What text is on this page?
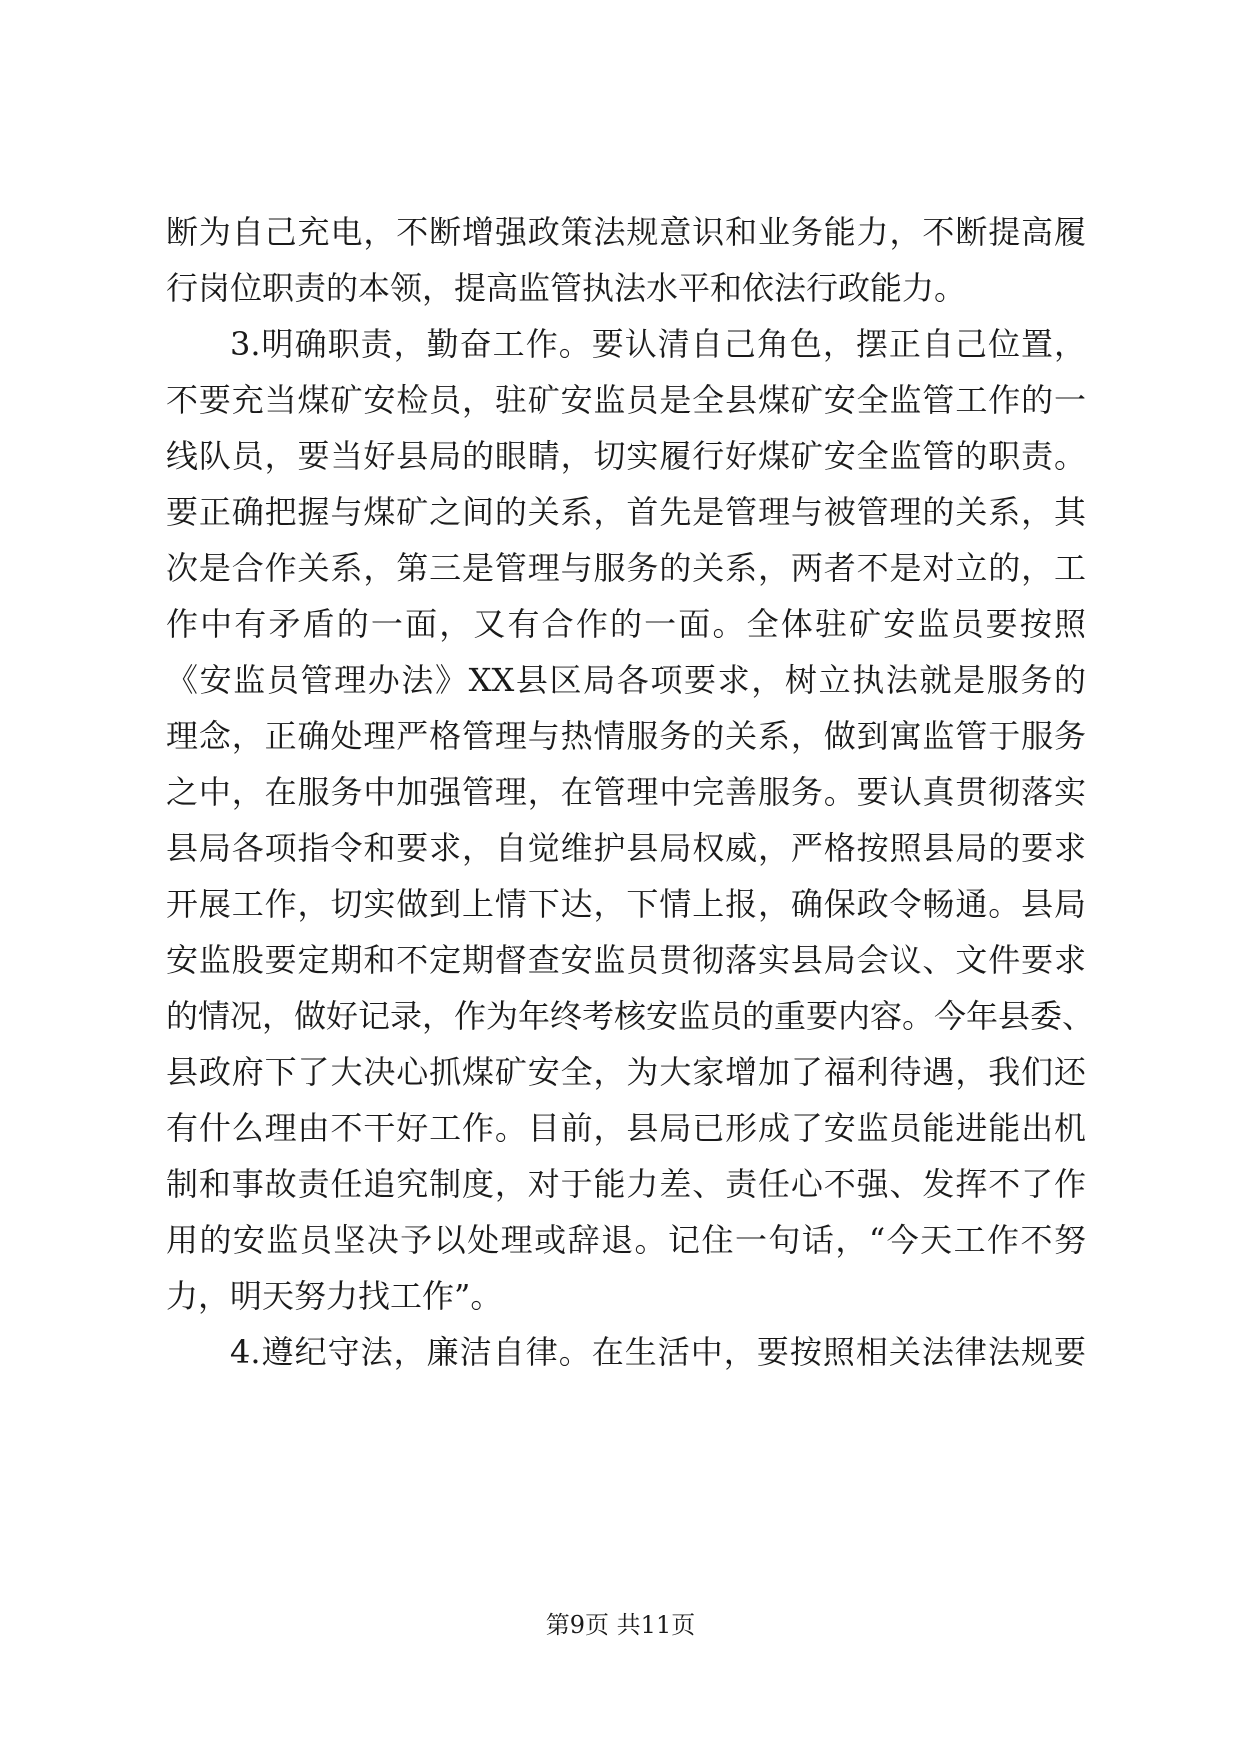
断为自己充电，不断增强政策法规意识和业务能力，不断提高履
行岗位职责的本领，提高监管执法水平和依法行政能力。
3.明确职责，勤奋工作。要认清自己角色，摆正自己位置，
不要充当煤矿安检员，驻矿安监员是全县煤矿安全监管工作的一
线队员，要当好县局的眼睛，切实履行好煤矿安全监管的职责。
要正确把握与煤矿之间的关系，首先是管理与被管理的关系，其
次是合作关系，第三是管理与服务的关系，两者不是对立的，工
作中有矛盾的一面，又有合作的一面。全体驻矿安监员要按照
《安监员管理办法》XX县区局各项要求，树立执法就是服务的
理念，正确处理严格管理与热情服务的关系，做到寓监管于服务
之中，在服务中加强管理，在管理中完善服务。要认真贯彻落实
县局各项指令和要求，自觉维护县局权威，严格按照县局的要求
开展工作，切实做到上情下达，下情上报，确保政令畅通。县局
安监股要定期和不定期督查安监员贯彻落实县局会议、文件要求
的情况，做好记录，作为年终考核安监员的重要内容。今年县委、
县政府下了大决心抓煤矿安全，为大家增加了福利待遇，我们还
有什么理由不干好工作。目前，县局已形成了安监员能进能出机
制和事故责任追究制度，对于能力差、责任心不强、发挥不了作
用的安监员坚决予以处理或辞退。记住一句话，“今天工作不努
力，明天努力找工作”。
4.遵纪守法，廉洁自律。在生活中，要按照相关法律法规要
第9页 共11页
